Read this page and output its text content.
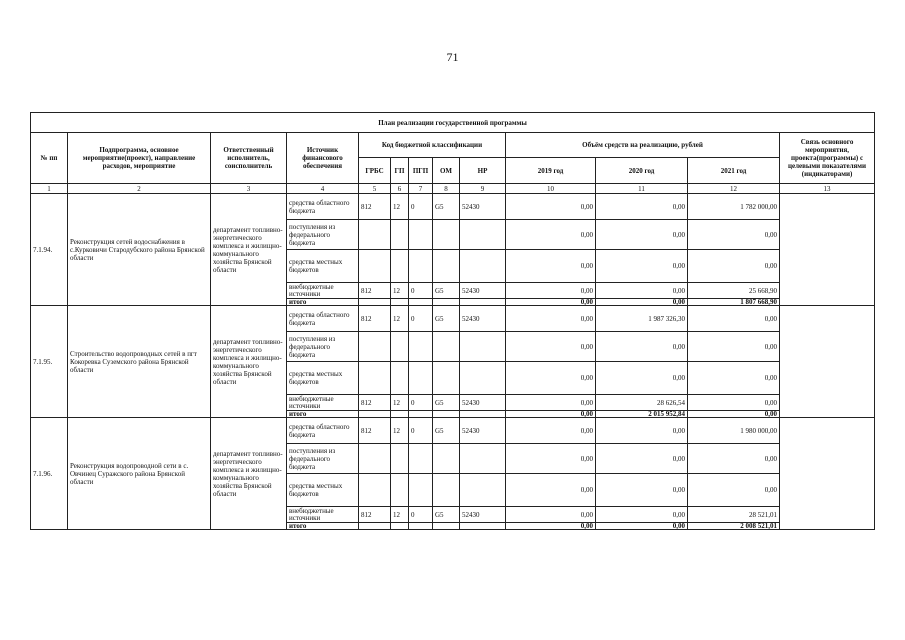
71
План реализации государственной программы												
№ пп	Подпрограмма, основное мероприятие(проект), направление расходов, мероприятие	Ответственный исполнитель, соисполнитель	Источник финансового обеспечения	Код бюджетной классификации					Объём средств на реализацию, рублей			Связь основного мероприятия, проекта(программы) с целевыми показателями (индикаторами)
				ГРБС	ГП	ПГП	ОМ	НР	2019 год	2020 год	2021 год	
1	2	3	4	5	6	7	8	9	10	11	12	13
7.1.94.	Реконструкция сетей водоснабжения в с.Курковичи Стародубского района Брянской области	департамент топливно-энергетического комплекса и жилищно-коммунального хозяйства Брянской области	средства областного бюджета	812	12	0	G5	52430	0,00	0,00	1 782 000,00	
			поступления из федерального бюджета						0,00	0,00	0,00	
			средства местных бюджетов						0,00	0,00	0,00	
			внебюджетные источники	812	12	0	G5	52430	0,00	0,00	25 668,90	
			итого						0,00	0,00	1 807 668,90	
7.1.95.	Строительство водопроводных сетей в пгт Кокоревка Суземского района Брянской области	департамент топливно-энергетического комплекса и жилищно-коммунального хозяйства Брянской области	средства областного бюджета	812	12	0	G5	52430	0,00	1 987 326,30	0,00	
			поступления из федерального бюджета						0,00	0,00	0,00	
			средства местных бюджетов						0,00	0,00	0,00	
			внебюджетные источники	812	12	0	G5	52430	0,00	28 626,54	0,00	
			итого						0,00	2 015 952,84	0,00	
7.1.96.	Реконструкция водопроводной сети в с. Овчинец Суражского района Брянской области	департамент топливно-энергетического комплекса и жилищно-коммунального хозяйства Брянской области	средства областного бюджета	812	12	0	G5	52430	0,00	0,00	1 980 000,00	
			поступления из федерального бюджета						0,00	0,00	0,00	
			средства местных бюджетов						0,00	0,00	0,00	
			внебюджетные источники	812	12	0	G5	52430	0,00	0,00	28 521,01	
			итого						0,00	0,00	2 008 521,01	
